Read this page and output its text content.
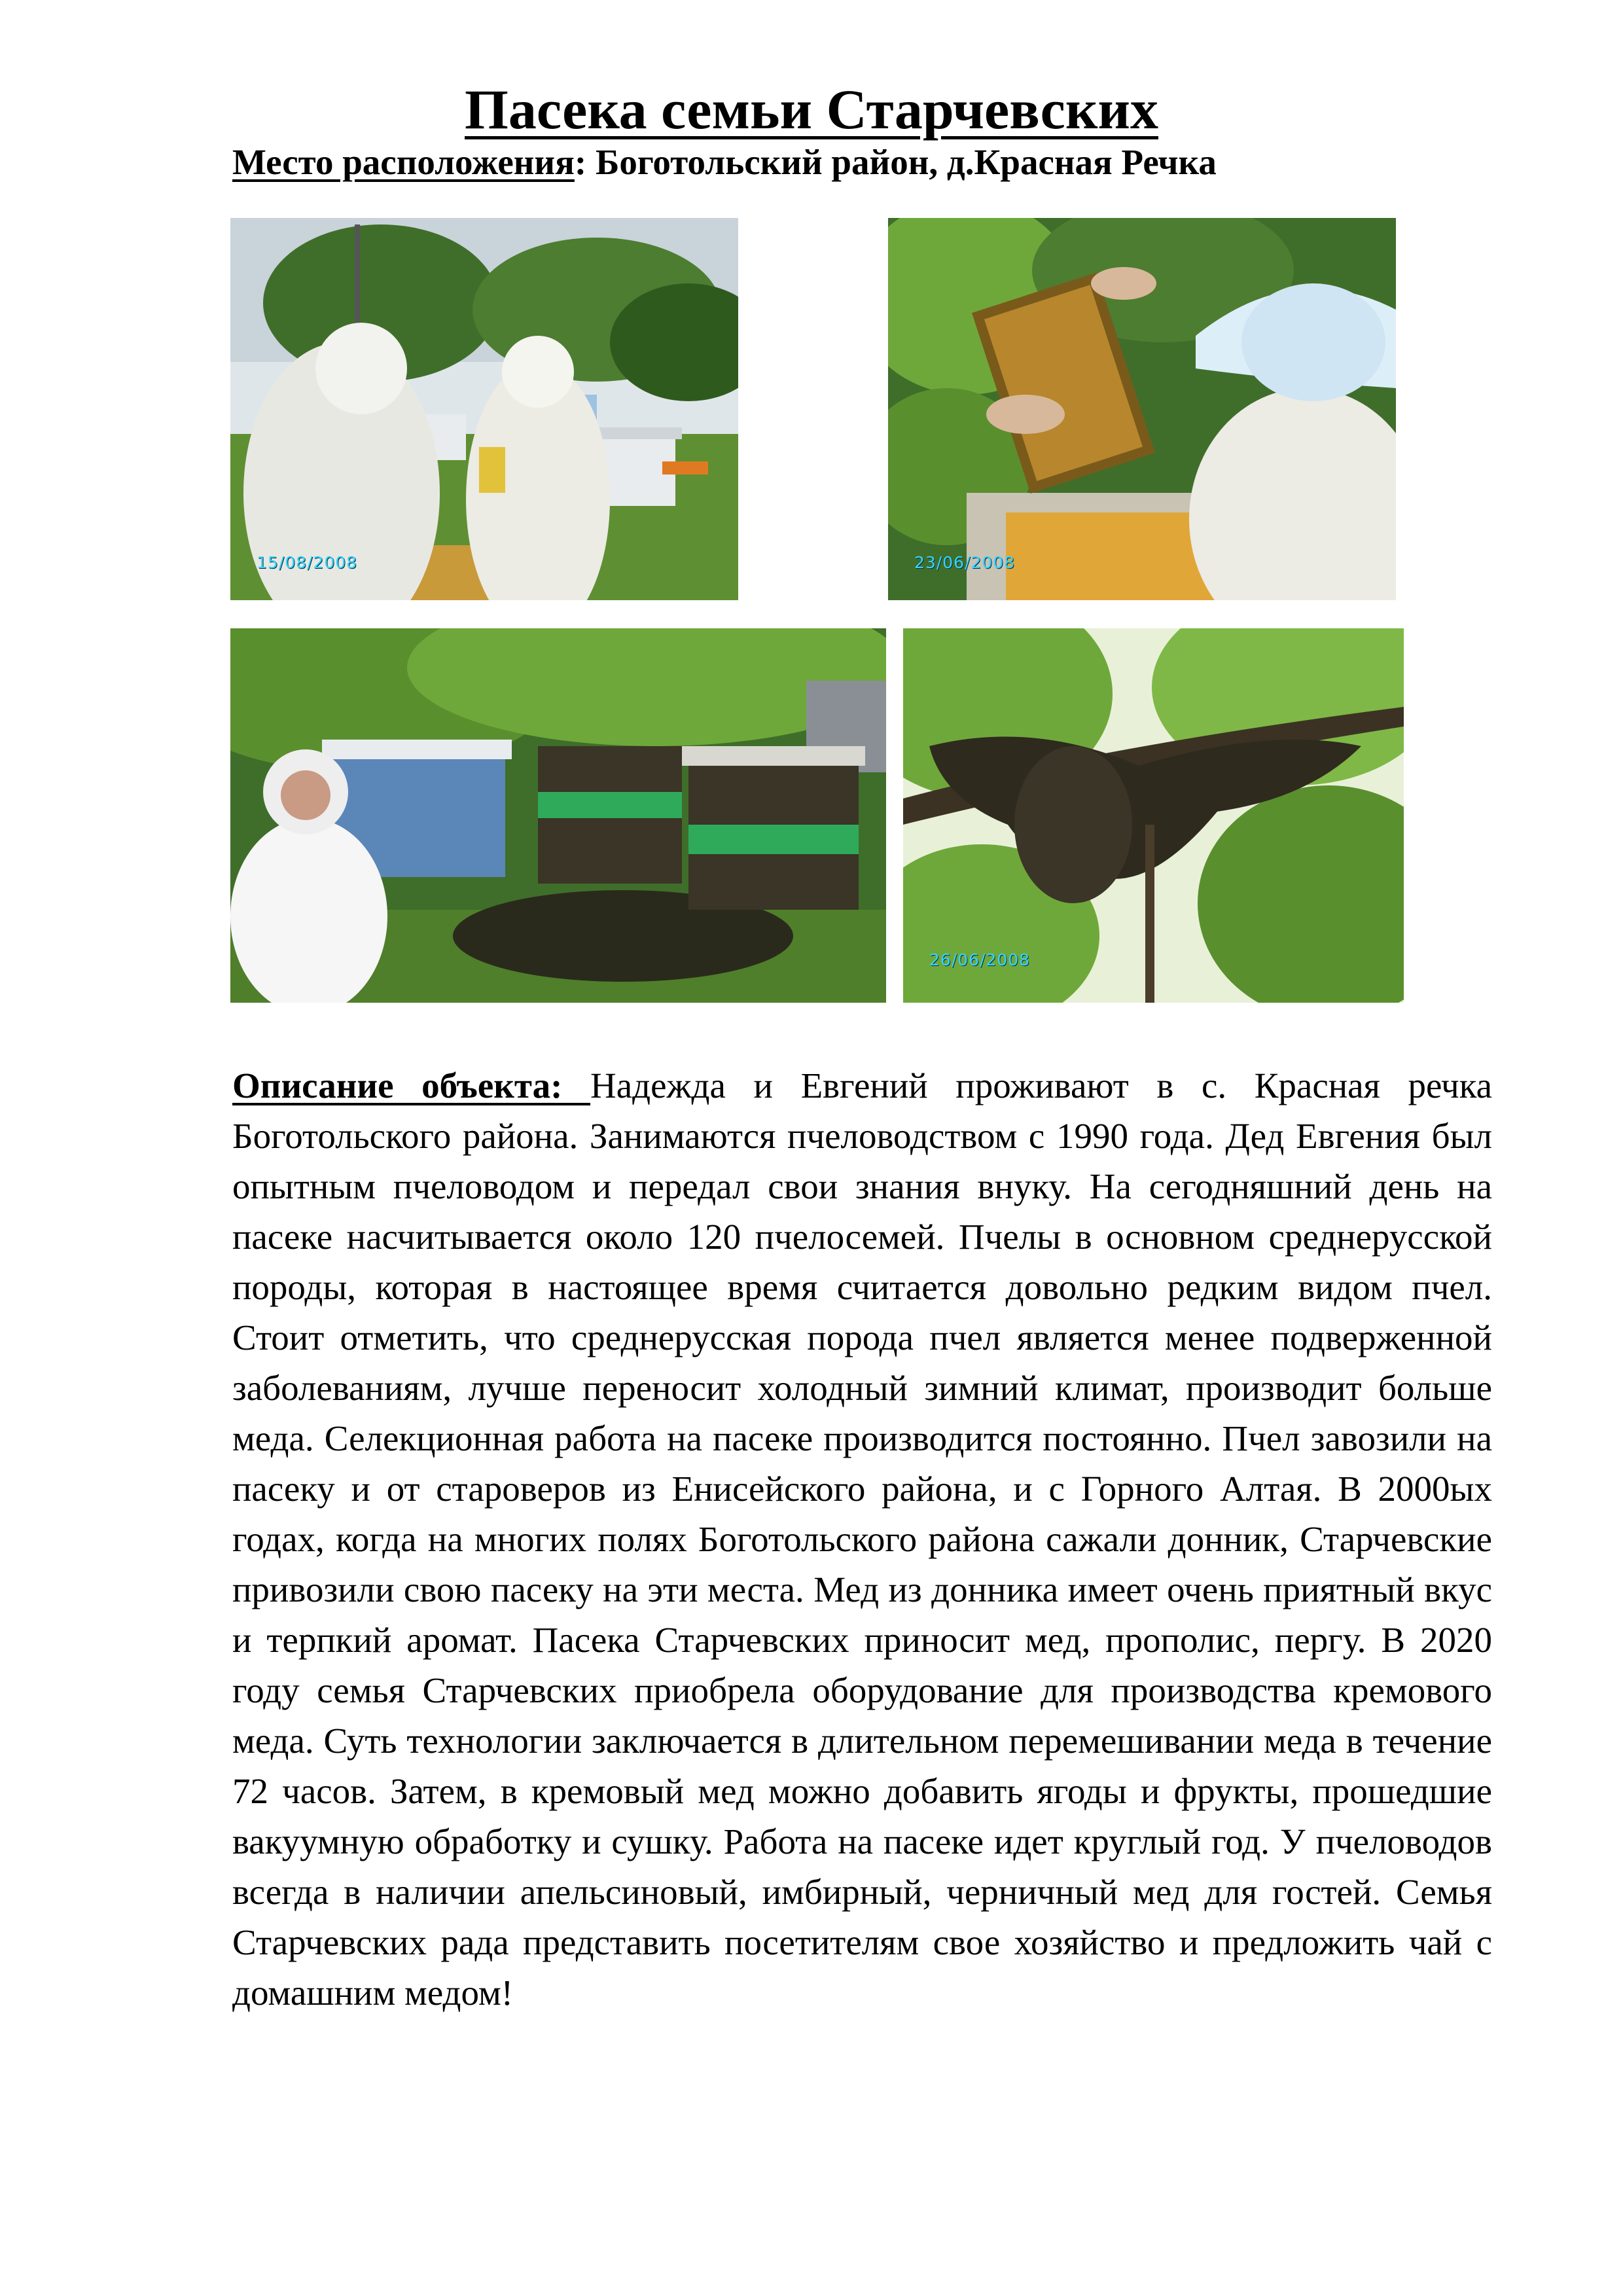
Пасека семьи Старчевских
Место расположения: Боготольский район, д.Красная Речка
15/08/2008	23/06/2008
26/06/2008
Описание объекта: Надежда и Евгений проживают в с. Красная речка Боготольского района. Занимаются пчеловодством с 1990 года. Дед Евгения был опытным пчеловодом и передал свои знания внуку. На сегодняшний день на пасеке насчитывается около 120 пчелосемей. Пчелы в основном среднерусской породы, которая в настоящее время считается довольно редким видом пчел. Стоит отметить, что среднерусская порода пчел является менее подверженной заболеваниям, лучше переносит холодный зимний климат, производит больше меда. Селекционная работа на пасеке производится постоянно. Пчел завозили на пасеку и от староверов из Енисейского района, и с Горного Алтая. В 2000ых годах, когда на многих полях Боготольского района сажали донник, Старчевские привозили свою пасеку на эти места. Мед из донника имеет очень приятный вкус и терпкий аромат. Пасека Старчевских приносит мед, прополис, пергу. В 2020 году семья Старчевских приобрела оборудование для производства кремового меда. Суть технологии заключается в длительном перемешивании меда в течение 72 часов. Затем, в кремовый мед можно добавить ягоды и фрукты, прошедшие вакуумную обработку и сушку. Работа на пасеке идет круглый год. У пчеловодов всегда в наличии апельсиновый, имбирный, черничный мед для гостей. Семья Старчевских рада представить посетителям свое хозяйство и предложить чай с домашним медом!
